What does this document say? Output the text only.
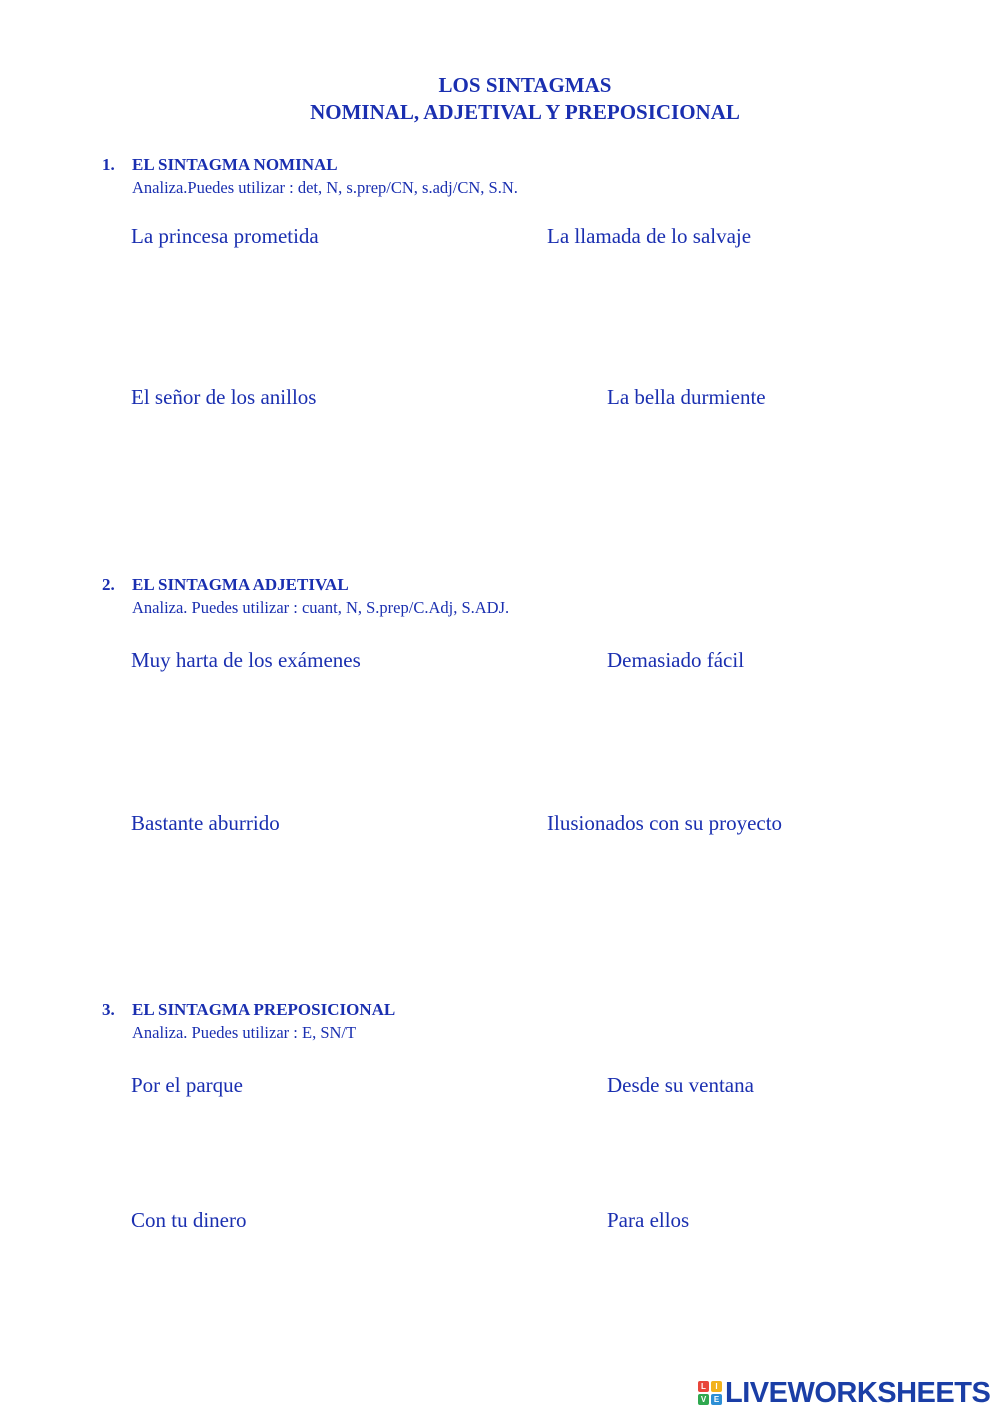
LOS SINTAGMAS
NOMINAL, ADJETIVAL Y PREPOSICIONAL
1. EL SINTAGMA NOMINAL
Analiza.Puedes utilizar : det, N, s.prep/CN, s.adj/CN, S.N.
La princesa prometida	La llamada de lo salvaje
El señor de los anillos	La bella durmiente
2. EL SINTAGMA ADJETIVAL
Analiza. Puedes utilizar : cuant, N, S.prep/C.Adj, S.ADJ.
Muy harta de los exámenes	Demasiado fácil
Bastante aburrido	Ilusionados con su proyecto
3. EL SINTAGMA PREPOSICIONAL
Analiza. Puedes utilizar : E, SN/T
Por el parque	Desde su ventana
Con tu dinero	Para ellos
L	I
V E LIVEWORKSHEETS
